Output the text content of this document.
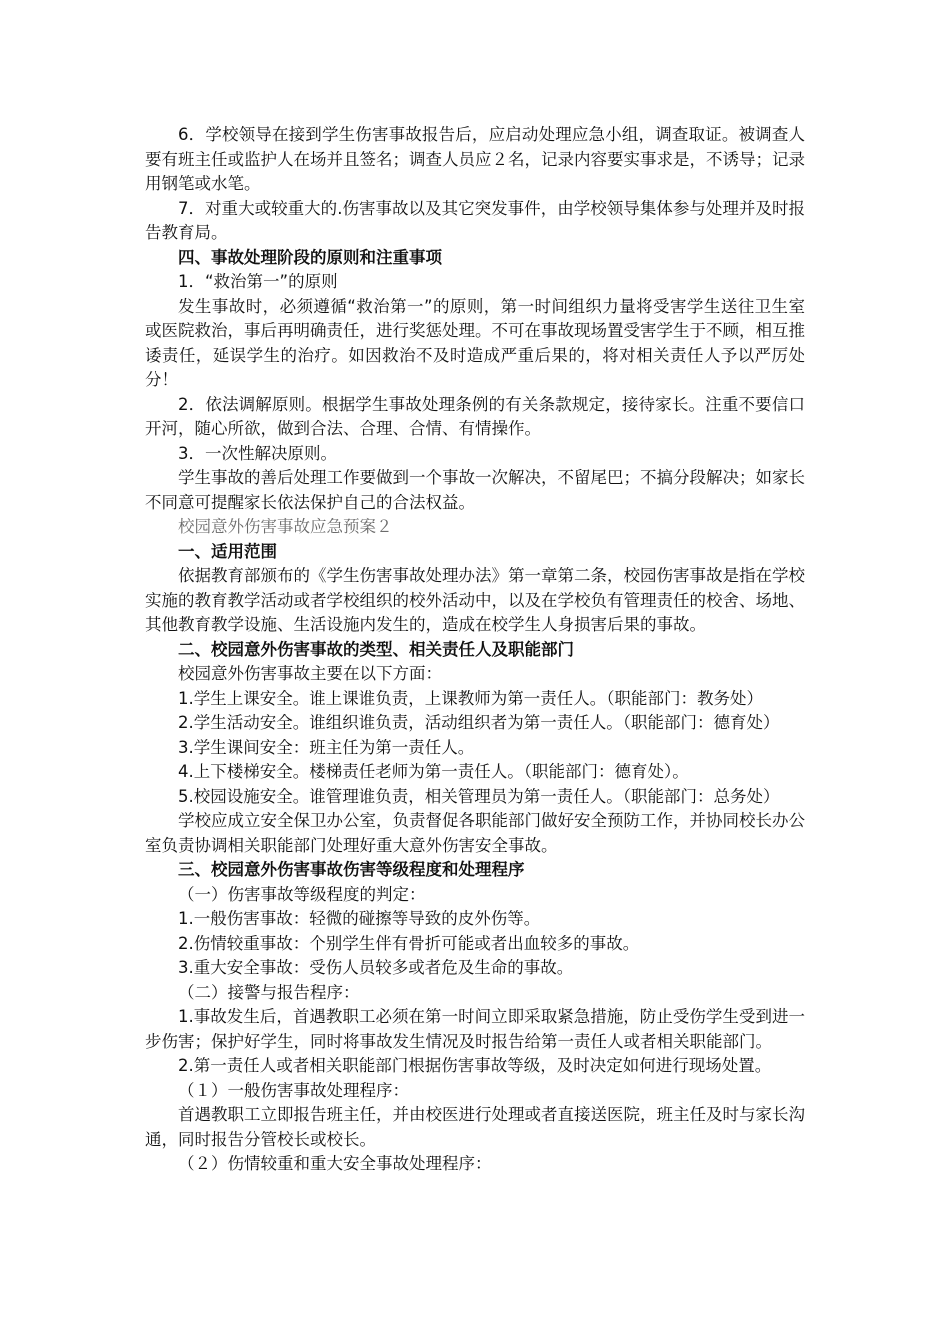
6．学校领导在接到学生伤害事故报告后，应启动处理应急小组，调查取证。被调查人要有班主任或监护人在场并且签名；调查人员应２名，记录内容要实事求是，不诱导；记录用钢笔或水笔。

7．对重大或较重大的.伤害事故以及其它突发事件，由学校领导集体参与处理并及时报告教育局。

四、事故处理阶段的原则和注重事项

1．“救治第一”的原则

发生事故时，必须遵循“救治第一”的原则，第一时间组织力量将受害学生送往卫生室或医院救治，事后再明确责任，进行奖惩处理。不可在事故现场置受害学生于不顾，相互推诿责任，延误学生的治疗。如因救治不及时造成严重后果的，将对相关责任人予以严厉处分！

2．依法调解原则。根据学生事故处理条例的有关条款规定，接待家长。注重不要信口开河，随心所欲，做到合法、合理、合情、有情操作。

3．一次性解决原则。

学生事故的善后处理工作要做到一个事故一次解决，不留尾巴；不搞分段解决；如家长不同意可提醒家长依法保护自己的合法权益。

校园意外伤害事故应急预案２

一、适用范围

依据教育部颁布的《学生伤害事故处理办法》第一章第二条，校园伤害事故是指在学校实施的教育教学活动或者学校组织的校外活动中，以及在学校负有管理责任的校舍、场地、其他教育教学设施、生活设施内发生的，造成在校学生人身损害后果的事故。

二、校园意外伤害事故的类型、相关责任人及职能部门

校园意外伤害事故主要在以下方面：

1.学生上课安全。谁上课谁负责，上课教师为第一责任人。（职能部门：教务处）

2.学生活动安全。谁组织谁负责，活动组织者为第一责任人。（职能部门：德育处）

3.学生课间安全：班主任为第一责任人。

4.上下楼梯安全。楼梯责任老师为第一责任人。（职能部门：德育处）。

5.校园设施安全。谁管理谁负责，相关管理员为第一责任人。（职能部门：总务处）

学校应成立安全保卫办公室，负责督促各职能部门做好安全预防工作，并协同校长办公室负责协调相关职能部门处理好重大意外伤害安全事故。

三、校园意外伤害事故伤害等级程度和处理程序

（一）伤害事故等级程度的判定：

1.一般伤害事故：轻微的碰擦等导致的皮外伤等。

2.伤情较重事故：个别学生伴有骨折可能或者出血较多的事故。

3.重大安全事故：受伤人员较多或者危及生命的事故。

（二）接警与报告程序：

1.事故发生后，首遇教职工必须在第一时间立即采取紧急措施，防止受伤学生受到进一步伤害；保护好学生，同时将事故发生情况及时报告给第一责任人或者相关职能部门。

2.第一责任人或者相关职能部门根据伤害事故等级，及时决定如何进行现场处置。

（１）一般伤害事故处理程序：

首遇教职工立即报告班主任，并由校医进行处理或者直接送医院，班主任及时与家长沟通，同时报告分管校长或校长。

（２）伤情较重和重大安全事故处理程序：
